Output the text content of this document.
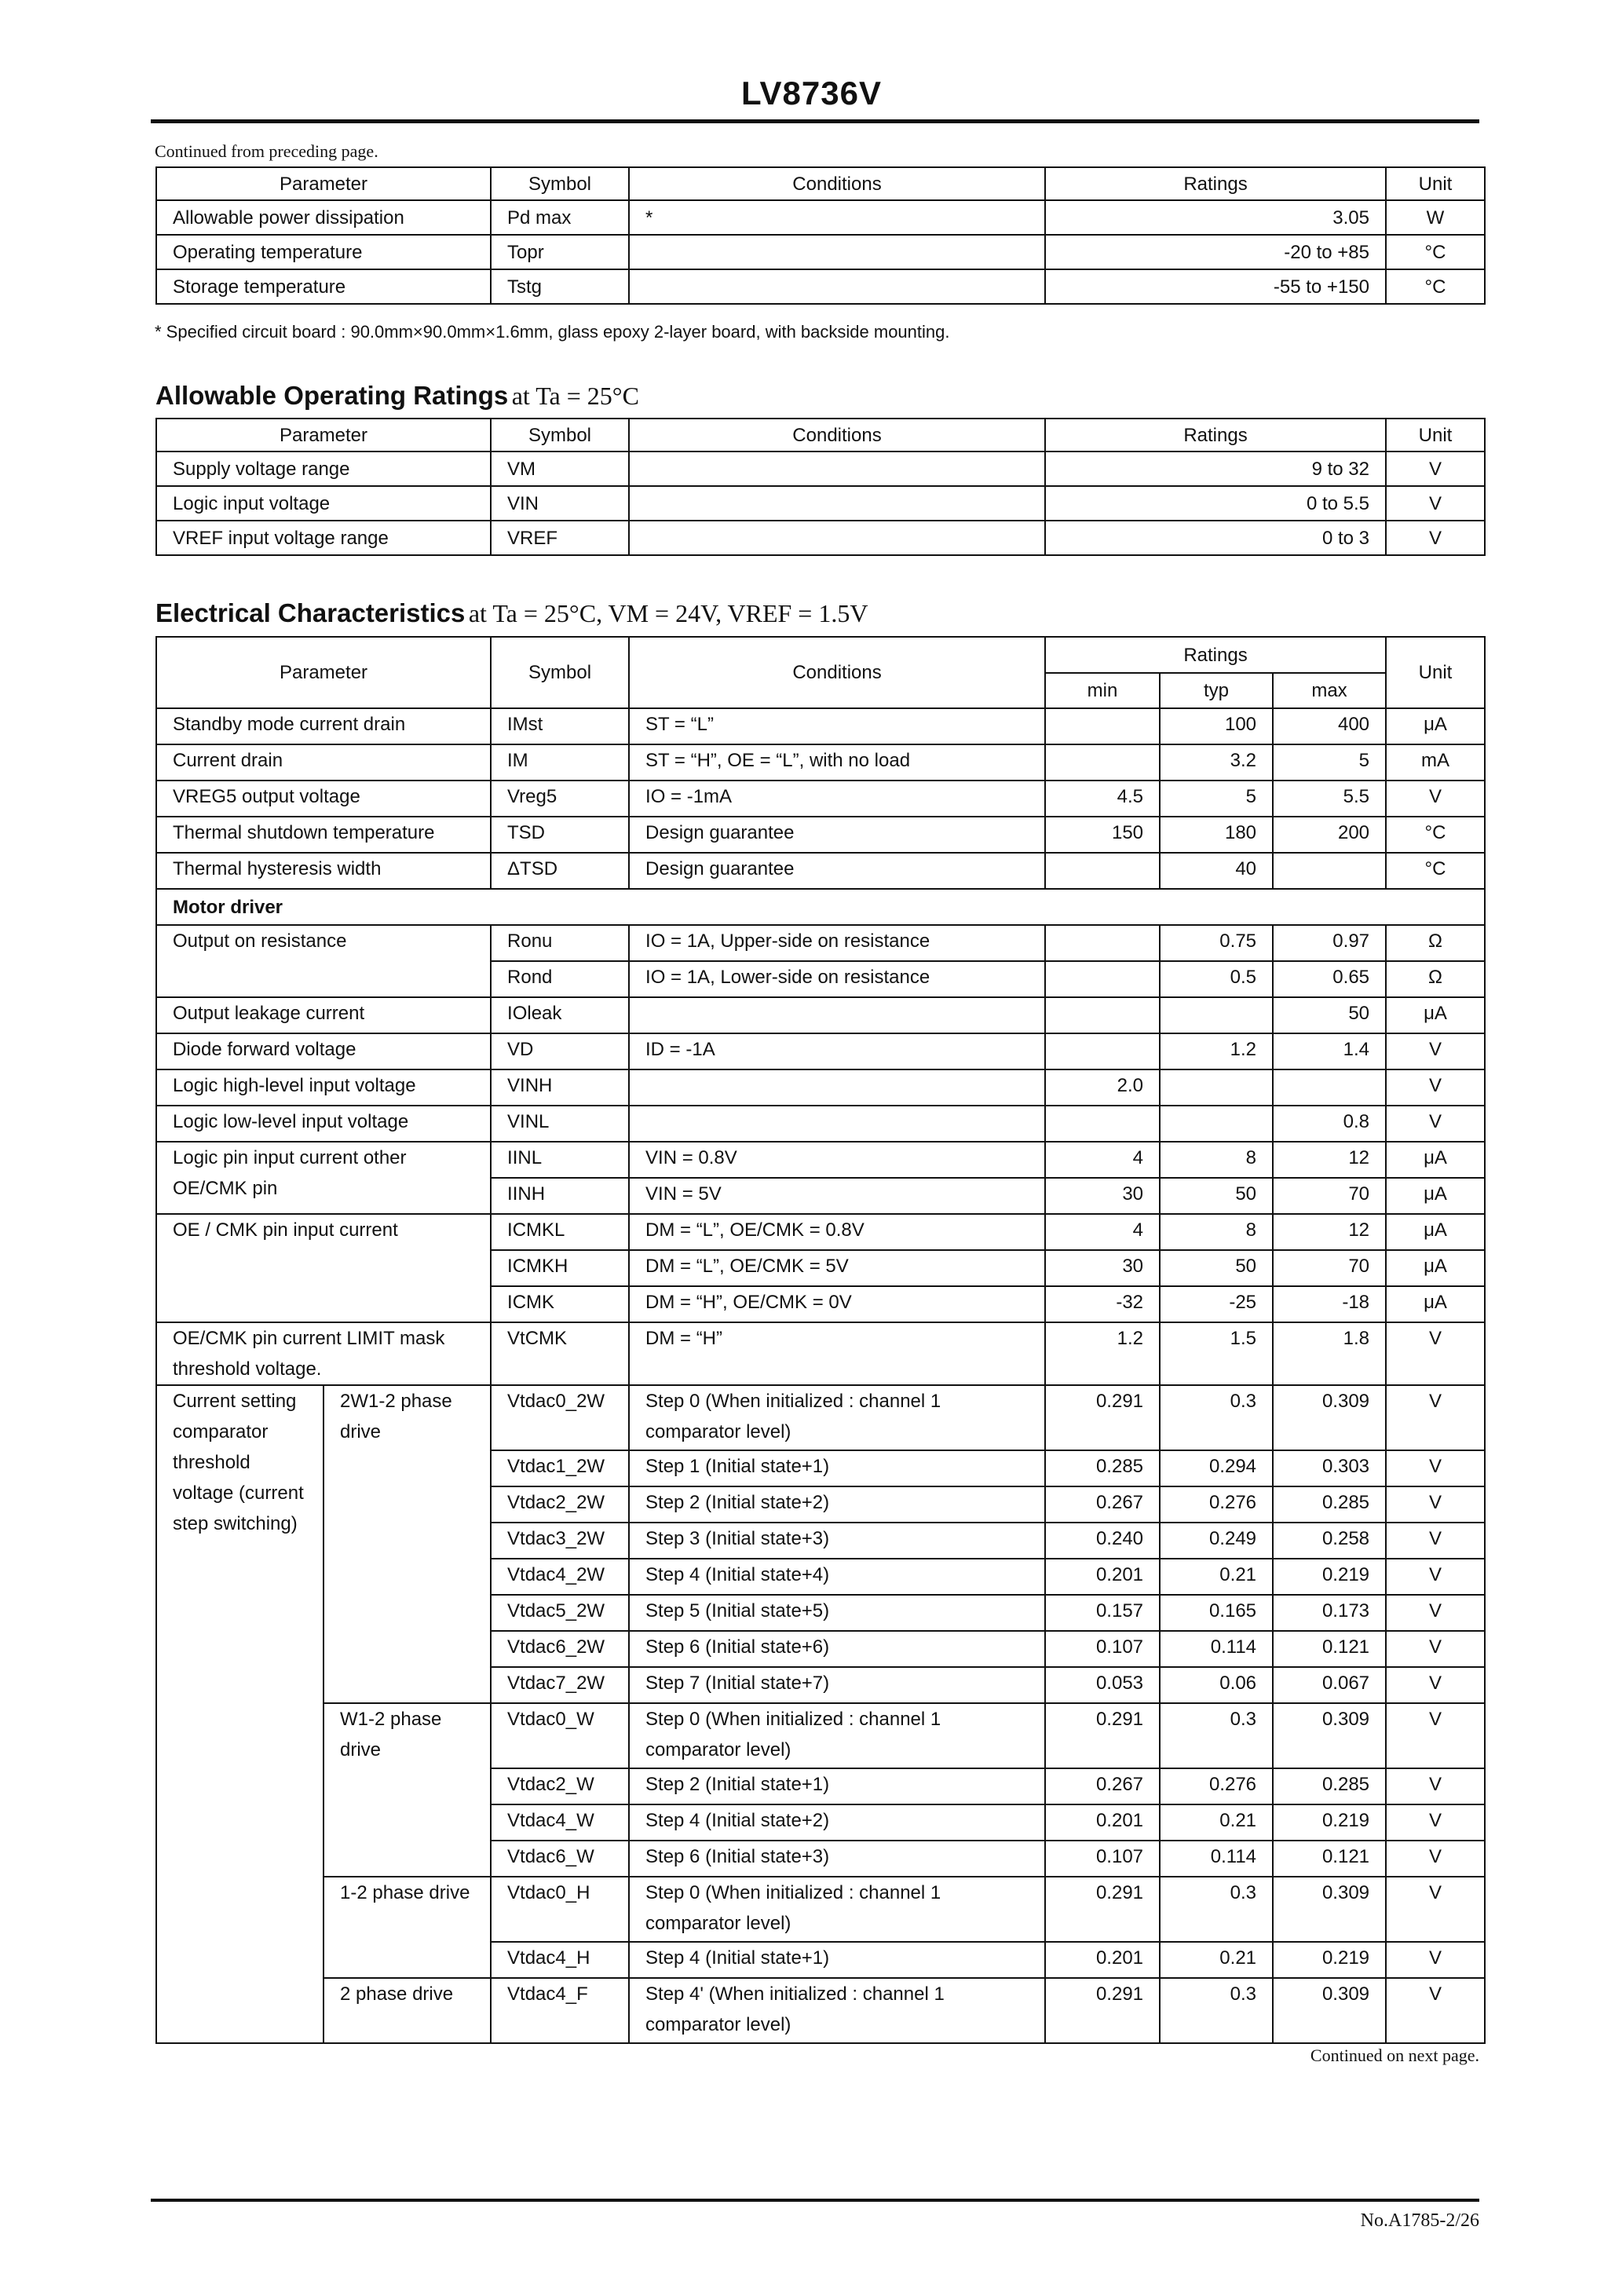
LV8736V
Continued from preceding page.
Parameter	Symbol	Conditions	Ratings	Unit
Allowable power dissipation	Pd max	*	3.05	W
Operating temperature	Topr		-20 to +85	°C
Storage temperature	Tstg		-55 to +150	°C
* Specified circuit board : 90.0mm×90.0mm×1.6mm, glass epoxy 2-layer board, with backside mounting.
Allowable Operating Ratings at Ta = 25°C
Parameter	Symbol	Conditions	Ratings	Unit
Supply voltage range	VM		9 to 32	V
Logic input voltage	VIN		0 to 5.5	V
VREF input voltage range	VREF		0 to 3	V
Electrical Characteristics at Ta = 25°C, VM = 24V, VREF = 1.5V
Parameter		Symbol	Conditions	Ratings			Unit
				min	typ	max	
Standby mode current drain		IMst	ST = “L”		100	400	μA
Current drain		IM	ST = “H”, OE = “L”, with no load		3.2	5	mA
VREG5 output voltage		Vreg5	IO = -1mA	4.5	5	5.5	V
Thermal shutdown temperature		TSD	Design guarantee	150	180	200	°C
Thermal hysteresis width		ΔTSD	Design guarantee		40		°C
Motor driver							
Output on resistance		Ronu	IO = 1A, Upper-side on resistance		0.75	0.97	Ω
		Rond	IO = 1A, Lower-side on resistance		0.5	0.65	Ω
Output leakage current		IOleak				50	μA
Diode forward voltage		VD	ID = -1A		1.2	1.4	V
Logic high-level input voltage		VINH		2.0			V
Logic low-level input voltage		VINL				0.8	V
Logic pin input current other OE/CMK pin		IINL	VIN = 0.8V	4	8	12	μA
		IINH	VIN = 5V	30	50	70	μA
OE / CMK pin input current		ICMKL	DM = “L”, OE/CMK = 0.8V	4	8	12	μA
		ICMKH	DM = “L”, OE/CMK = 5V	30	50	70	μA
		ICMK	DM = “H”, OE/CMK = 0V	-32	-25	-18	μA
OE/CMK pin current LIMIT mask threshold voltage.		VtCMK	DM = “H”	1.2	1.5	1.8	V
Current setting comparator threshold voltage (current step switching)	2W1-2 phase drive	Vtdac0_2W	Step 0 (When initialized : channel 1 comparator level)	0.291	0.3	0.309	V
		Vtdac1_2W	Step 1 (Initial state+1)	0.285	0.294	0.303	V
		Vtdac2_2W	Step 2 (Initial state+2)	0.267	0.276	0.285	V
		Vtdac3_2W	Step 3 (Initial state+3)	0.240	0.249	0.258	V
		Vtdac4_2W	Step 4 (Initial state+4)	0.201	0.21	0.219	V
		Vtdac5_2W	Step 5 (Initial state+5)	0.157	0.165	0.173	V
		Vtdac6_2W	Step 6 (Initial state+6)	0.107	0.114	0.121	V
		Vtdac7_2W	Step 7 (Initial state+7)	0.053	0.06	0.067	V
	W1-2 phase drive	Vtdac0_W	Step 0 (When initialized : channel 1 comparator level)	0.291	0.3	0.309	V
		Vtdac2_W	Step 2 (Initial state+1)	0.267	0.276	0.285	V
		Vtdac4_W	Step 4 (Initial state+2)	0.201	0.21	0.219	V
		Vtdac6_W	Step 6 (Initial state+3)	0.107	0.114	0.121	V
	1-2 phase drive	Vtdac0_H	Step 0 (When initialized : channel 1 comparator level)	0.291	0.3	0.309	V
		Vtdac4_H	Step 4 (Initial state+1)	0.201	0.21	0.219	V
	2 phase drive	Vtdac4_F	Step 4' (When initialized : channel 1 comparator level)	0.291	0.3	0.309	V
Continued on next page.
No.A1785-2/26
